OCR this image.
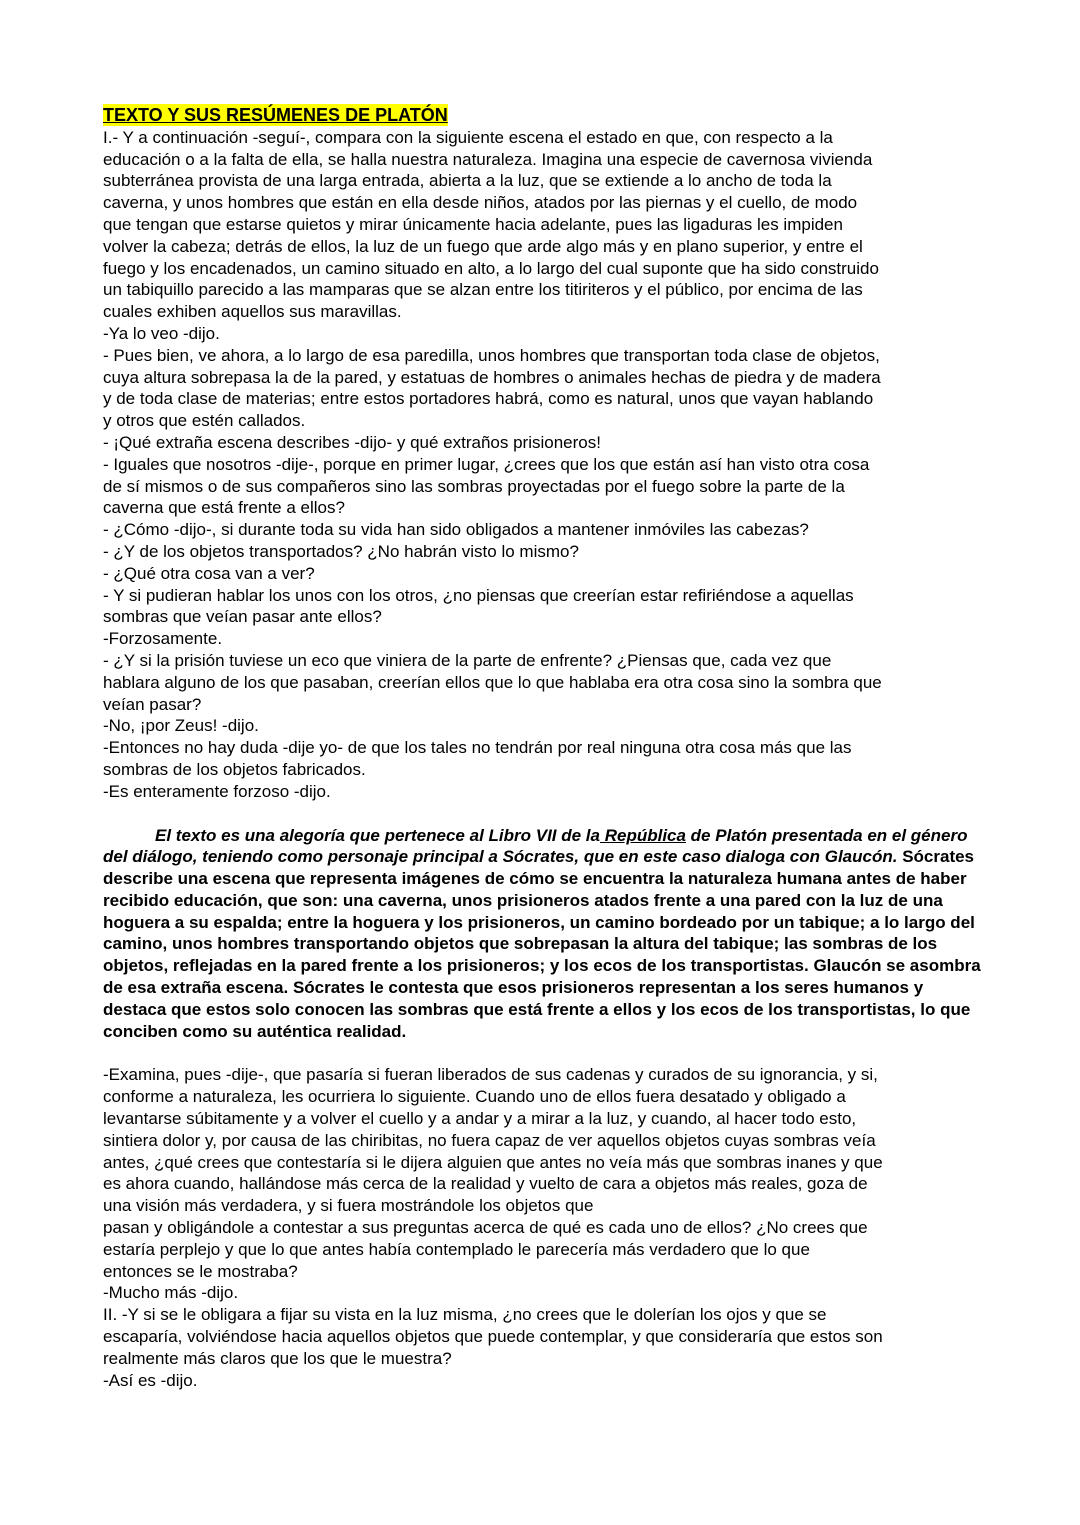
TEXTO Y SUS RESÚMENES DE PLATÓN
I.- Y a continuación -seguí-, compara con la siguiente escena el estado en que, con respecto a la
educación o a la falta de ella, se halla nuestra naturaleza. Imagina una especie de cavernosa vivienda
subterránea provista de una larga entrada, abierta a la luz, que se extiende a lo ancho de toda la
caverna, y unos hombres que están en ella desde niños, atados por las piernas y el cuello, de modo
que tengan que estarse quietos y mirar únicamente hacia adelante, pues las ligaduras les impiden
volver la cabeza; detrás de ellos, la luz de un fuego que arde algo más y en plano superior, y entre el
fuego y los encadenados, un camino situado en alto, a lo largo del cual suponte que ha sido construido
un tabiquillo parecido a las mamparas que se alzan entre los titiriteros y el público, por encima de las
cuales exhiben aquellos sus maravillas.
-Ya lo veo -dijo.
- Pues bien, ve ahora, a lo largo de esa paredilla, unos hombres que transportan toda clase de objetos,
cuya altura sobrepasa la de la pared, y estatuas de hombres o animales hechas de piedra y de madera
y de toda clase de materias; entre estos portadores habrá, como es natural, unos que vayan hablando
y otros que estén callados.
- ¡Qué extraña escena describes -dijo- y qué extraños prisioneros!
- Iguales que nosotros -dije-, porque en primer lugar, ¿crees que los que están así han visto otra cosa
de sí mismos o de sus compañeros sino las sombras proyectadas por el fuego sobre la parte de la
caverna que está frente a ellos?
- ¿Cómo -dijo-, si durante toda su vida han sido obligados a mantener inmóviles las cabezas?
- ¿Y de los objetos transportados? ¿No habrán visto lo mismo?
- ¿Qué otra cosa van a ver?
- Y si pudieran hablar los unos con los otros, ¿no piensas que creerían estar refiriéndose a aquellas
sombras que veían pasar ante ellos?
-Forzosamente.
- ¿Y si la prisión tuviese un eco que viniera de la parte de enfrente? ¿Piensas que, cada vez que
hablara alguno de los que pasaban, creerían ellos que lo que hablaba era otra cosa sino la sombra que
veían pasar?
-No, ¡por Zeus! -dijo.
-Entonces no hay duda -dije yo- de que los tales no tendrán por real ninguna otra cosa más que las
sombras de los objetos fabricados.
-Es enteramente forzoso -dijo.
El texto es una alegoría que pertenece al Libro VII de la República de Platón presentada en el género del diálogo, teniendo como personaje principal a Sócrates, que en este caso dialoga con Glaucón. Sócrates describe una escena que representa imágenes de cómo se encuentra la naturaleza humana antes de haber recibido educación, que son: una caverna, unos prisioneros atados frente a una pared con la luz de una hoguera a su espalda; entre la hoguera y los prisioneros, un camino bordeado por un tabique; a lo largo del camino, unos hombres transportando objetos que sobrepasan la altura del tabique; las sombras de los objetos, reflejadas en la pared frente a los prisioneros; y los ecos de los transportistas. Glaucón se asombra de esa extraña escena. Sócrates le contesta que esos prisioneros representan a los seres humanos y destaca que estos solo conocen las sombras que está frente a ellos y los ecos de los transportistas, lo que conciben como su auténtica realidad.
-Examina, pues -dije-, que pasaría si fueran liberados de sus cadenas y curados de su ignorancia, y si,
conforme a naturaleza, les ocurriera lo siguiente. Cuando uno de ellos fuera desatado y obligado a
levantarse súbitamente y a volver el cuello y a andar y a mirar a la luz, y cuando, al hacer todo esto,
sintiera dolor y, por causa de las chiribitas, no fuera capaz de ver aquellos objetos cuyas sombras veía
antes, ¿qué crees que contestaría si le dijera alguien que antes no veía más que sombras inanes y que
es ahora cuando, hallándose más cerca de la realidad y vuelto de cara a objetos más reales, goza de
una visión más verdadera, y si fuera mostrándole los objetos que
pasan y obligándole a contestar a sus preguntas acerca de qué es cada uno de ellos? ¿No crees que
estaría perplejo y que lo que antes había contemplado le parecería más verdadero que lo que
entonces se le mostraba?
-Mucho más -dijo.
II. -Y si se le obligara a fijar su vista en la luz misma, ¿no crees que le dolerían los ojos y que se
escaparía, volviéndose hacia aquellos objetos que puede contemplar, y que consideraría que estos son
realmente más claros que los que le muestra?
-Así es -dijo.
